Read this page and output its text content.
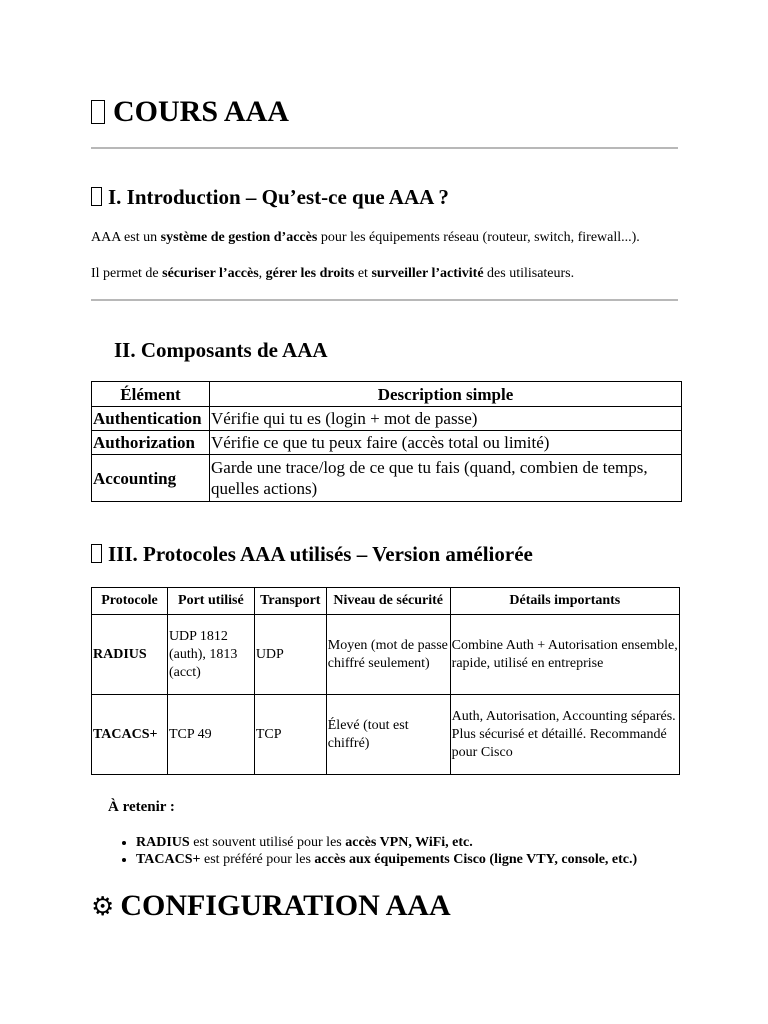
COURS AAA
I. Introduction – Qu’est-ce que AAA ?
AAA est un système de gestion d’accès pour les équipements réseau (routeur, switch, firewall...).
Il permet de sécuriser l’accès, gérer les droits et surveiller l’activité des utilisateurs.
II. Composants de AAA
Élément	Description simple
Authentication	Vérifie qui tu es (login + mot de passe)
Authorization	Vérifie ce que tu peux faire (accès total ou limité)
Accounting	Garde une trace/log de ce que tu fais (quand, combien de temps, quelles actions)
III. Protocoles AAA utilisés – Version améliorée
Protocole	Port utilisé	Transport	Niveau de sécurité	Détails importants
RADIUS	UDP 1812 (auth), 1813 (acct)	UDP	Moyen (mot de passe chiffré seulement)	Combine Auth + Autorisation ensemble, rapide, utilisé en entreprise
TACACS+	TCP 49	TCP	Élevé (tout est chiffré)	Auth, Autorisation, Accounting séparés. Plus sécurisé et détaillé. Recommandé pour Cisco
À retenir :
• RADIUS est souvent utilisé pour les accès VPN, WiFi, etc.
• TACACS+ est préféré pour les accès aux équipements Cisco (ligne VTY, console, etc.)
⚙ CONFIGURATION AAA
